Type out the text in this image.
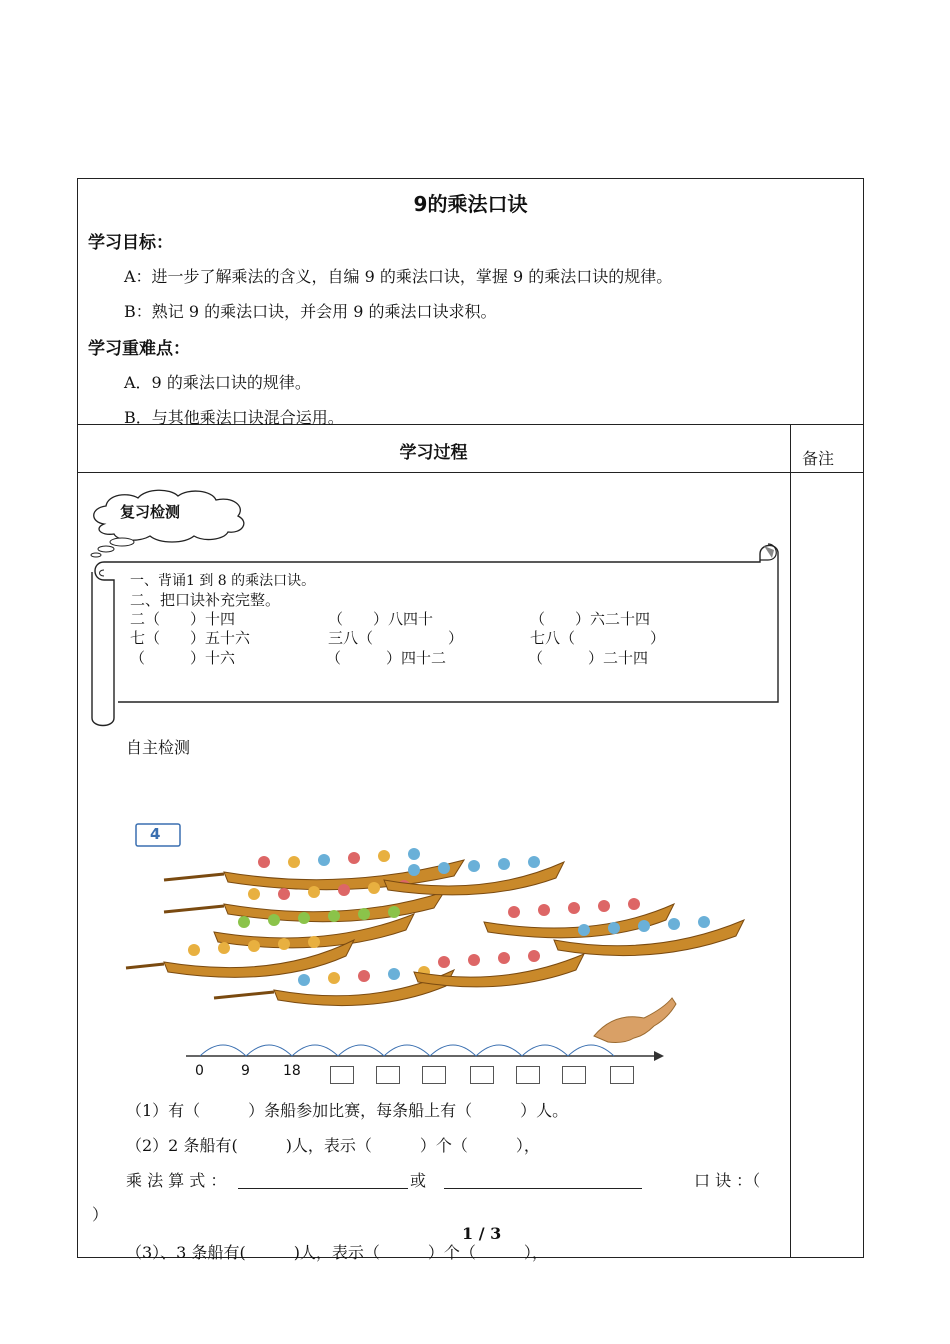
9的乘法口诀
学习目标：
A：进一步了解乘法的含义，自编 9 的乘法口诀，掌握 9 的乘法口诀的规律。
B：熟记 9 的乘法口诀，并会用 9 的乘法口诀求积。
学习重难点：
A．9 的乘法口诀的规律。
B．与其他乘法口诀混合运用。
学习过程	备注
复习检测
一、背诵1 到 8 的乘法口诀。
二、把口诀补充完整。
二（　　）十四	（　　）八四十	（　　）六二十四
七（　　）五十六	三八（　　　　　）	七八（　　　　　）
（　　　）十六	（　　　）四十二	（　　　）二十四
自主检测
4
0	9 18
（1）有（　　　）条船参加比赛，每条船上有（　　　）人。
（2）2 条船有(　　　)人，表示（　　　）个（　　　），
乘 法 算 式 ：	或	口 诀 ：（
）
（3）、3 条船有(　　　)人，表示（　　　）个（　　　），
1 / 3
